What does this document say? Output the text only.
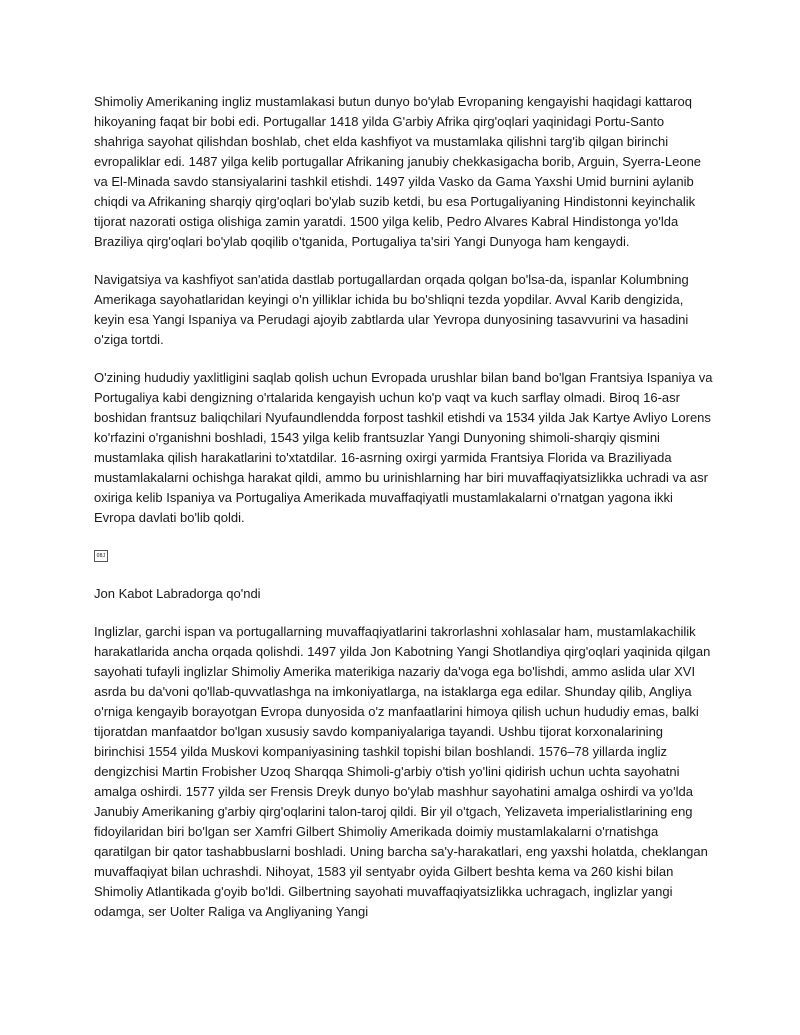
Shimoliy Amerikaning ingliz mustamlakasi butun dunyo bo'ylab Evropaning kengayishi haqidagi kattaroq hikoyaning faqat bir bobi edi. Portugallar 1418 yilda G'arbiy Afrika qirg'oqlari yaqinidagi Portu-Santo shahriga sayohat qilishdan boshlab, chet elda kashfiyot va mustamlaka qilishni targ'ib qilgan birinchi evropaliklar edi. 1487 yilga kelib portugallar Afrikaning janubiy chekkasigacha borib, Arguin, Syerra-Leone va El-Minada savdo stansiyalarini tashkil etishdi. 1497 yilda Vasko da Gama Yaxshi Umid burnini aylanib chiqdi va Afrikaning sharqiy qirg'oqlari bo'ylab suzib ketdi, bu esa Portugaliyaning Hindistonni keyinchalik tijorat nazorati ostiga olishiga zamin yaratdi. 1500 yilga kelib, Pedro Alvares Kabral Hindistonga yo'lda Braziliya qirg'oqlari bo'ylab qoqilib o'tganida, Portugaliya ta'siri Yangi Dunyoga ham kengaydi.

Navigatsiya va kashfiyot san'atida dastlab portugallardan orqada qolgan bo'lsa-da, ispanlar Kolumbning Amerikaga sayohatlaridan keyingi o'n yilliklar ichida bu bo'shliqni tezda yopdilar. Avval Karib dengizida, keyin esa Yangi Ispaniya va Perudagi ajoyib zabtlarda ular Yevropa dunyosining tasavvurini va hasadini o'ziga tortdi.

O'zining hududiy yaxlitligini saqlab qolish uchun Evropada urushlar bilan band bo'lgan Frantsiya Ispaniya va Portugaliya kabi dengizning o'rtalarida kengayish uchun ko'p vaqt va kuch sarflay olmadi. Biroq 16-asr boshidan frantsuz baliqchilari Nyufaundlendda forpost tashkil etishdi va 1534 yilda Jak Kartye Avliyo Lorens ko'rfazini o'rganishni boshladi, 1543 yilga kelib frantsuzlar Yangi Dunyoning shimoli-sharqiy qismini mustamlaka qilish harakatlarini to'xtatdilar. 16-asrning oxirgi yarmida Frantsiya Florida va Braziliyada mustamlakalarni ochishga harakat qildi, ammo bu urinishlarning har biri muvaffaqiyatsizlikka uchradi va asr oxiriga kelib Ispaniya va Portugaliya Amerikada muvaffaqiyatli mustamlakalarni o'rnatgan yagona ikki Evropa davlati bo'lib qoldi.

OBJ

Jon Kabot Labradorga qo'ndi

Inglizlar, garchi ispan va portugallarning muvaffaqiyatlarini takrorlashni xohlasalar ham, mustamlakachilik harakatlarida ancha orqada qolishdi. 1497 yilda Jon Kabotning Yangi Shotlandiya qirg'oqlari yaqinida qilgan sayohati tufayli inglizlar Shimoliy Amerika materikiga nazariy da'voga ega bo'lishdi, ammo aslida ular XVI asrda bu da'voni qo'llab-quvvatlashga na imkoniyatlarga, na istaklarga ega edilar. Shunday qilib, Angliya o'rniga kengayib borayotgan Evropa dunyosida o'z manfaatlarini himoya qilish uchun hududiy emas, balki tijoratdan manfaatdor bo'lgan xususiy savdo kompaniyalariga tayandi. Ushbu tijorat korxonalarining birinchisi 1554 yilda Muskovi kompaniyasining tashkil topishi bilan boshlandi. 1576–78 yillarda ingliz dengizchisi Martin Frobisher Uzoq Sharqqa Shimoli-g'arbiy o'tish yo'lini qidirish uchun uchta sayohatni amalga oshirdi. 1577 yilda ser Frensis Dreyk dunyo bo'ylab mashhur sayohatini amalga oshirdi va yo'lda Janubiy Amerikaning g'arbiy qirg'oqlarini talon-taroj qildi. Bir yil o'tgach, Yelizaveta imperialistlarining eng fidoyilaridan biri bo'lgan ser Xamfri Gilbert Shimoliy Amerikada doimiy mustamlakalarni o'rnatishga qaratilgan bir qator tashabbuslarni boshladi. Uning barcha sa'y-harakatlari, eng yaxshi holatda, cheklangan muvaffaqiyat bilan uchrashdi. Nihoyat, 1583 yil sentyabr oyida Gilbert beshta kema va 260 kishi bilan Shimoliy Atlantikada g'oyib bo'ldi. Gilbertning sayohati muvaffaqiyatsizlikka uchragach, inglizlar yangi odamga, ser Uolter Raliga va Angliyaning Yangi
